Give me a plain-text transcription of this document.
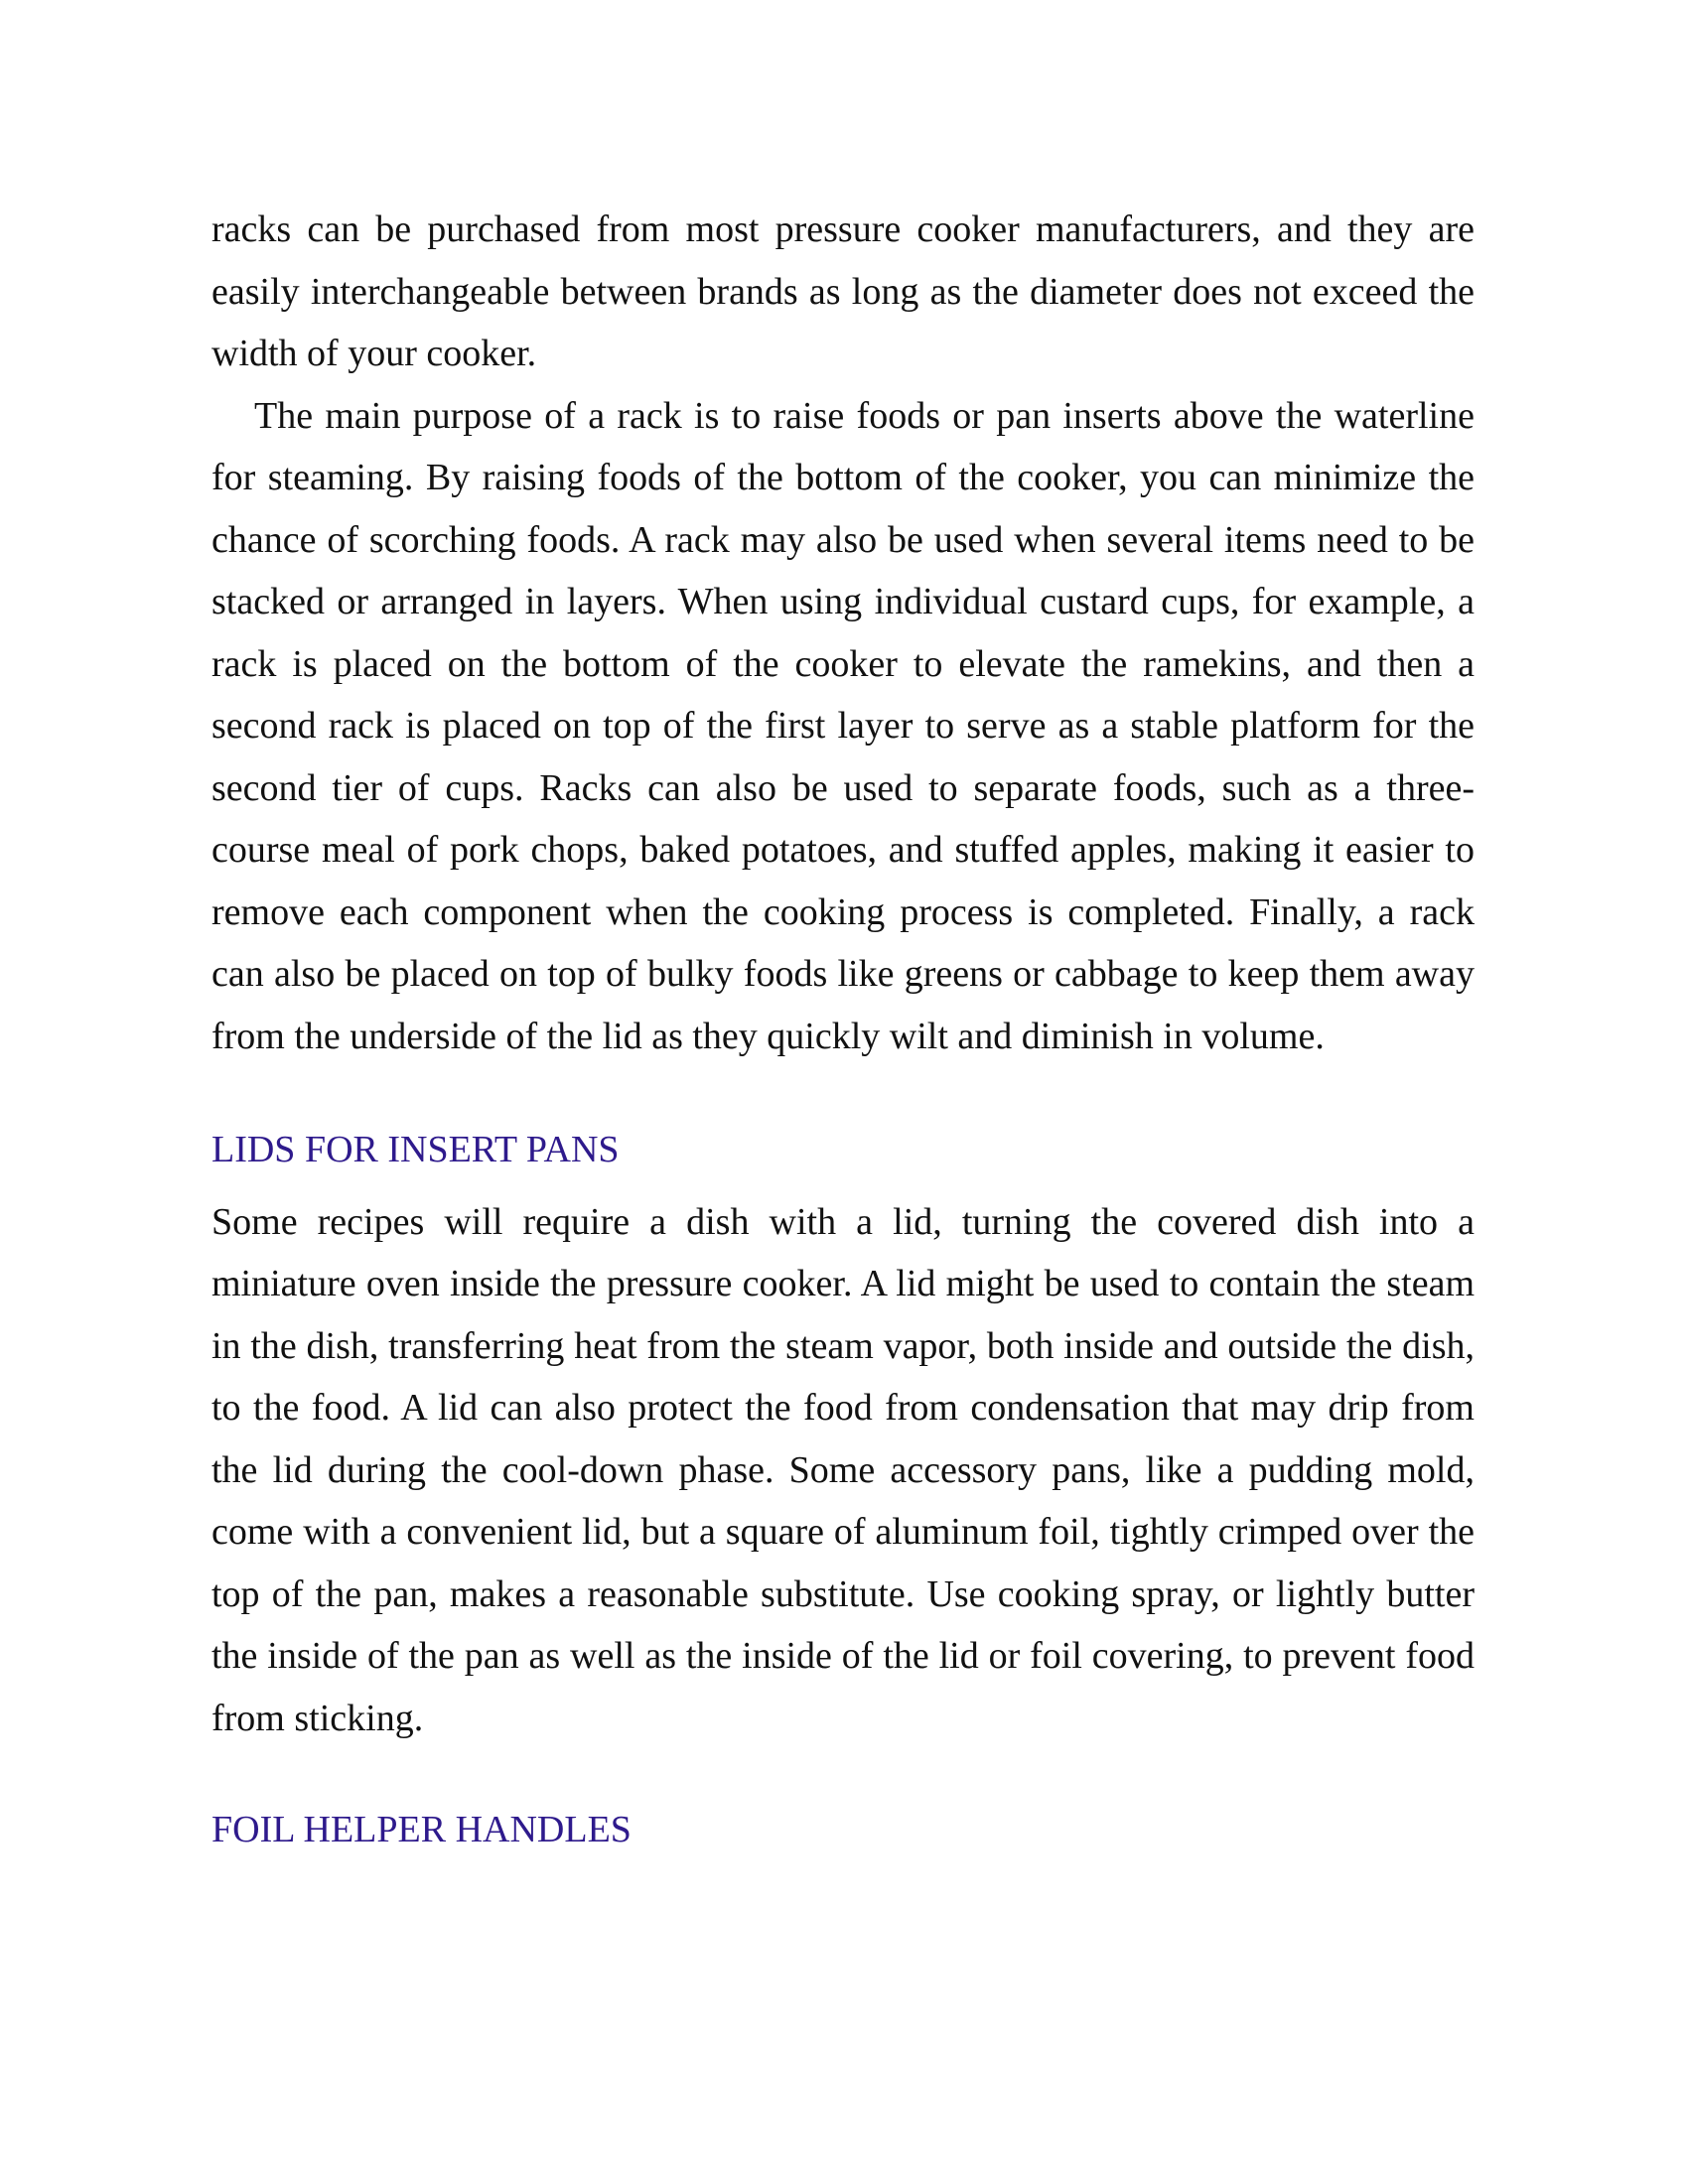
racks can be purchased from most pressure cooker manufacturers, and they are easily interchangeable between brands as long as the diameter does not exceed the width of your cooker.

The main purpose of a rack is to raise foods or pan inserts above the waterline for steaming. By raising foods of the bottom of the cooker, you can minimize the chance of scorching foods. A rack may also be used when several items need to be stacked or arranged in layers. When using individual custard cups, for example, a rack is placed on the bottom of the cooker to elevate the ramekins, and then a second rack is placed on top of the first layer to serve as a stable platform for the second tier of cups. Racks can also be used to separate foods, such as a three-course meal of pork chops, baked potatoes, and stuffed apples, making it easier to remove each component when the cooking process is completed. Finally, a rack can also be placed on top of bulky foods like greens or cabbage to keep them away from the underside of the lid as they quickly wilt and diminish in volume.

LIDS FOR INSERT PANS

Some recipes will require a dish with a lid, turning the covered dish into a miniature oven inside the pressure cooker. A lid might be used to contain the steam in the dish, transferring heat from the steam vapor, both inside and outside the dish, to the food. A lid can also protect the food from condensation that may drip from the lid during the cool-down phase. Some accessory pans, like a pudding mold, come with a convenient lid, but a square of aluminum foil, tightly crimped over the top of the pan, makes a reasonable substitute. Use cooking spray, or lightly butter the inside of the pan as well as the inside of the lid or foil covering, to prevent food from sticking.

FOIL HELPER HANDLES
